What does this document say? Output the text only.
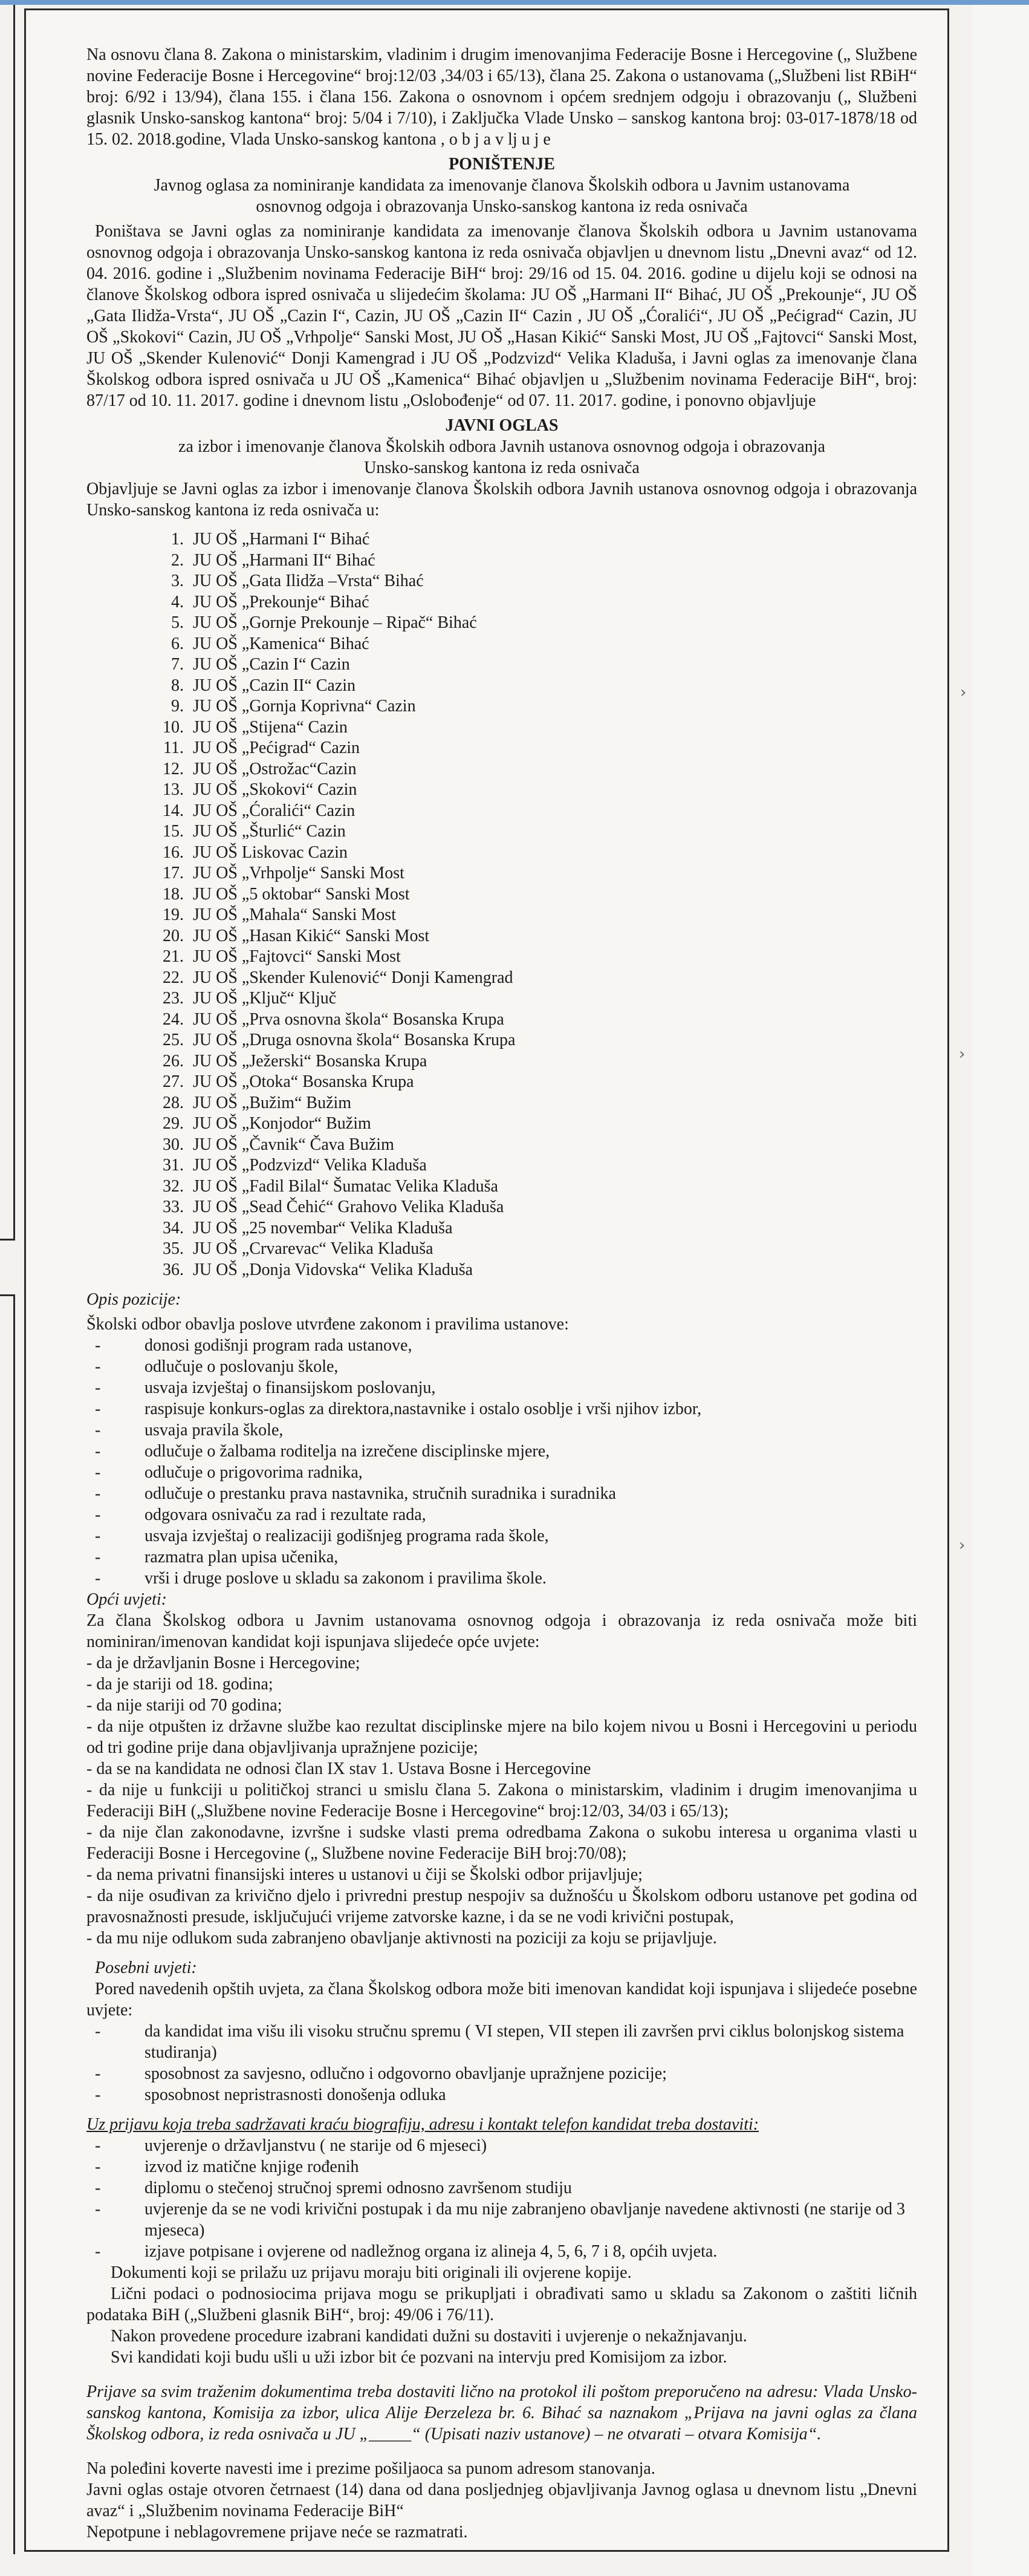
›
›
›

Na osnovu člana 8. Zakona o ministarskim, vladinim i drugim imenovanjima Federacije Bosne i Hercegovine („ Službene novine Federacije Bosne i Hercegovine“ broj:12/03 ,34/03 i 65/13), člana 25. Zakona o ustanovama („Službeni list RBiH“ broj: 6/92 i 13/94), člana 155. i člana 156. Zakona o osnovnom i općem srednjem odgoju i obrazovanju („ Službeni glasnik Unsko-sanskog kantona“ broj: 5/04 i 7/10), i Zaključka Vlade Unsko – sanskog kantona broj: 03-017-1878/18 od 15. 02. 2018.godine, Vlada Unsko-sanskog kantona , o b j a v lj u j e

PONIŠTENJE

Javnog oglasa za nominiranje kandidata za imenovanje članova Školskih odbora u Javnim ustanovama osnovnog odgoja i obrazovanja Unsko-sanskog kantona iz reda osnivača

Poništava se Javni oglas za nominiranje kandidata za imenovanje članova Školskih odbora u Javnim ustanovama osnovnog odgoja i obrazovanja Unsko-sanskog kantona iz reda osnivača objavljen u dnevnom listu „Dnevni avaz“ od 12. 04. 2016. godine i „Službenim novinama Federacije BiH“ broj: 29/16 od 15. 04. 2016. godine u dijelu koji se odnosi na članove Školskog odbora ispred osnivača u slijedećim školama: JU OŠ „Harmani II“ Bihać, JU OŠ „Prekounje“, JU OŠ „Gata Ilidža-Vrsta“, JU OŠ „Cazin I“, Cazin, JU OŠ „Cazin II“ Cazin , JU OŠ „Ćoralići“, JU OŠ „Pećigrad“ Cazin, JU OŠ „Skokovi“ Cazin, JU OŠ „Vrhpolje“ Sanski Most, JU OŠ „Hasan Kikić“ Sanski Most, JU OŠ „Fajtovci“ Sanski Most, JU OŠ „Skender Kulenović“ Donji Kamengrad i JU OŠ „Podzvizd“ Velika Kladuša, i Javni oglas za imenovanje člana Školskog odbora ispred osnivača u JU OŠ „Kamenica“ Bihać objavljen u „Službenim novinama Federacije BiH“, broj: 87/17 od 10. 11. 2017. godine i dnevnom listu „Oslobođenje“ od 07. 11. 2017. godine, i ponovno objavljuje

JAVNI OGLAS

za izbor i imenovanje članova Školskih odbora Javnih ustanova osnovnog odgoja i obrazovanja Unsko-sanskog kantona iz reda osnivača

Objavljuje se Javni oglas za izbor i imenovanje članova Školskih odbora Javnih ustanova osnovnog odgoja i obrazovanja Unsko-sanskog kantona iz reda osnivača u:

1. JU OŠ „Harmani I“ Bihać
2. JU OŠ „Harmani II“ Bihać
3. JU OŠ „Gata Ilidža –Vrsta“ Bihać
4. JU OŠ „Prekounje“ Bihać
5. JU OŠ „Gornje Prekounje – Ripač“ Bihać
6. JU OŠ „Kamenica“ Bihać
7. JU OŠ „Cazin I“ Cazin
8. JU OŠ „Cazin II“ Cazin
9. JU OŠ „Gornja Koprivna“ Cazin
10. JU OŠ „Stijena“ Cazin
11. JU OŠ „Pećigrad“ Cazin
12. JU OŠ „Ostrožac“Cazin
13. JU OŠ „Skokovi“ Cazin
14. JU OŠ „Ćoralići“ Cazin
15. JU OŠ „Šturlić“ Cazin
16. JU OŠ Liskovac Cazin
17. JU OŠ „Vrhpolje“ Sanski Most
18. JU OŠ „5 oktobar“ Sanski Most
19. JU OŠ „Mahala“ Sanski Most
20. JU OŠ „Hasan Kikić“ Sanski Most
21. JU OŠ „Fajtovci“ Sanski Most
22. JU OŠ „Skender Kulenović“ Donji Kamengrad
23. JU OŠ „Ključ“ Ključ
24. JU OŠ „Prva osnovna škola“ Bosanska Krupa
25. JU OŠ „Druga osnovna škola“ Bosanska Krupa
26. JU OŠ „Ježerski“ Bosanska Krupa
27. JU OŠ „Otoka“ Bosanska Krupa
28. JU OŠ „Bužim“ Bužim
29. JU OŠ „Konjodor“ Bužim
30. JU OŠ „Čavnik“ Čava Bužim
31. JU OŠ „Podzvizd“ Velika Kladuša
32. JU OŠ „Fadil Bilal“ Šumatac Velika Kladuša
33. JU OŠ „Sead Čehić“ Grahovo Velika Kladuša
34. JU OŠ „25 novembar“ Velika Kladuša
35. JU OŠ „Crvarevac“ Velika Kladuša
36. JU OŠ „Donja Vidovska“ Velika Kladuša

Opis pozicije:

Školski odbor obavlja poslove utvrđene zakonom i pravilima ustanove:

- donosi godišnji program rada ustanove,
- odlučuje o poslovanju škole,
- usvaja izvještaj o finansijskom poslovanju,
- raspisuje konkurs-oglas za direktora,nastavnike i ostalo osoblje i vrši njihov izbor,
- usvaja pravila škole,
- odlučuje o žalbama roditelja na izrečene disciplinske mjere,
- odlučuje o prigovorima radnika,
- odlučuje o prestanku prava nastavnika, stručnih suradnika i suradnika
- odgovara osnivaču za rad i rezultate rada,
- usvaja izvještaj o realizaciji godišnjeg programa rada škole,
- razmatra plan upisa učenika,
- vrši i druge poslove u skladu sa zakonom i pravilima škole.

Opći uvjeti:

Za člana Školskog odbora u Javnim ustanovama osnovnog odgoja i obrazovanja iz reda osnivača može biti nominiran/imenovan kandidat koji ispunjava slijedeće opće uvjete:

- da je državljanin Bosne i Hercegovine;

- da je stariji od 18. godina;

- da nije stariji od 70 godina;

- da nije otpušten iz državne službe kao rezultat disciplinske mjere na bilo kojem nivou u Bosni i Hercegovini u periodu od tri godine prije dana objavljivanja upražnjene pozicije;

- da se na kandidata ne odnosi član IX stav 1. Ustava Bosne i Hercegovine

- da nije u funkciji u političkoj stranci u smislu člana 5. Zakona o ministarskim, vladinim i drugim imenovanjima u Federaciji BiH („Službene novine Federacije Bosne i Hercegovine“ broj:12/03, 34/03 i 65/13);

- da nije član zakonodavne, izvršne i sudske vlasti prema odredbama Zakona o sukobu interesa u organima vlasti u Federaciji Bosne i Hercegovine („ Službene novine Federacije BiH broj:70/08);

- da nema privatni finansijski interes u ustanovi u čiji se Školski odbor prijavljuje;

- da nije osuđivan za krivično djelo i privredni prestup nespojiv sa dužnošću u Školskom odboru ustanove pet godina od pravosnažnosti presude, isključujući vrijeme zatvorske kazne, i da se ne vodi krivični postupak,

- da mu nije odlukom suda zabranjeno obavljanje aktivnosti na poziciji za koju se prijavljuje.

Posebni uvjeti:

Pored navedenih opštih uvjeta, za člana Školskog odbora može biti imenovan kandidat koji ispunjava i slijedeće posebne uvjete:

- da kandidat ima višu ili visoku stručnu spremu ( VI stepen, VII stepen ili završen prvi ciklus bolonjskog sistema studiranja)
- sposobnost za savjesno, odlučno i odgovorno obavljanje upražnjene pozicije;
- sposobnost nepristrasnosti donošenja odluka

Uz prijavu koja treba sadržavati kraću biografiju, adresu i kontakt telefon kandidat treba dostaviti:

- uvjerenje o državljanstvu ( ne starije od 6 mjeseci)
- izvod iz matične knjige rođenih
- diplomu o stečenoj stručnoj spremi odnosno završenom studiju
- uvjerenje da se ne vodi krivični postupak i da mu nije zabranjeno obavljanje navedene aktivnosti (ne starije od 3 mjeseca)
- izjave potpisane i ovjerene od nadležnog organa iz alineja 4, 5, 6, 7 i 8, općih uvjeta.

Dokumenti koji se prilažu uz prijavu moraju biti originali ili ovjerene kopije.

Lični podaci o podnosiocima prijava mogu se prikupljati i obrađivati samo u skladu sa Zakonom o zaštiti ličnih podataka BiH („Službeni glasnik BiH“, broj: 49/06 i 76/11).

Nakon provedene procedure izabrani kandidati dužni su dostaviti i uvjerenje o nekažnjavanju.

Svi kandidati koji budu ušli u uži izbor bit će pozvani na intervju pred Komisijom za izbor.

Prijave sa svim traženim dokumentima treba dostaviti lično na protokol ili poštom preporučeno na adresu: Vlada Unsko-sanskog kantona, Komisija za izbor, ulica Alije Đerzeleza br. 6. Bihać sa naznakom „Prijava na javni oglas za člana Školskog odbora, iz reda osnivača u JU „_____“ (Upisati naziv ustanove) – ne otvarati – otvara Komisija“.

Na poleđini koverte navesti ime i prezime pošiljaoca sa punom adresom stanovanja.

Javni oglas ostaje otvoren četrnaest (14) dana od dana posljednjeg objavljivanja Javnog oglasa u dnevnom listu „Dnevni avaz“ i „Službenim novinama Federacije BiH“

Nepotpune i neblagovremene prijave neće se razmatrati.
